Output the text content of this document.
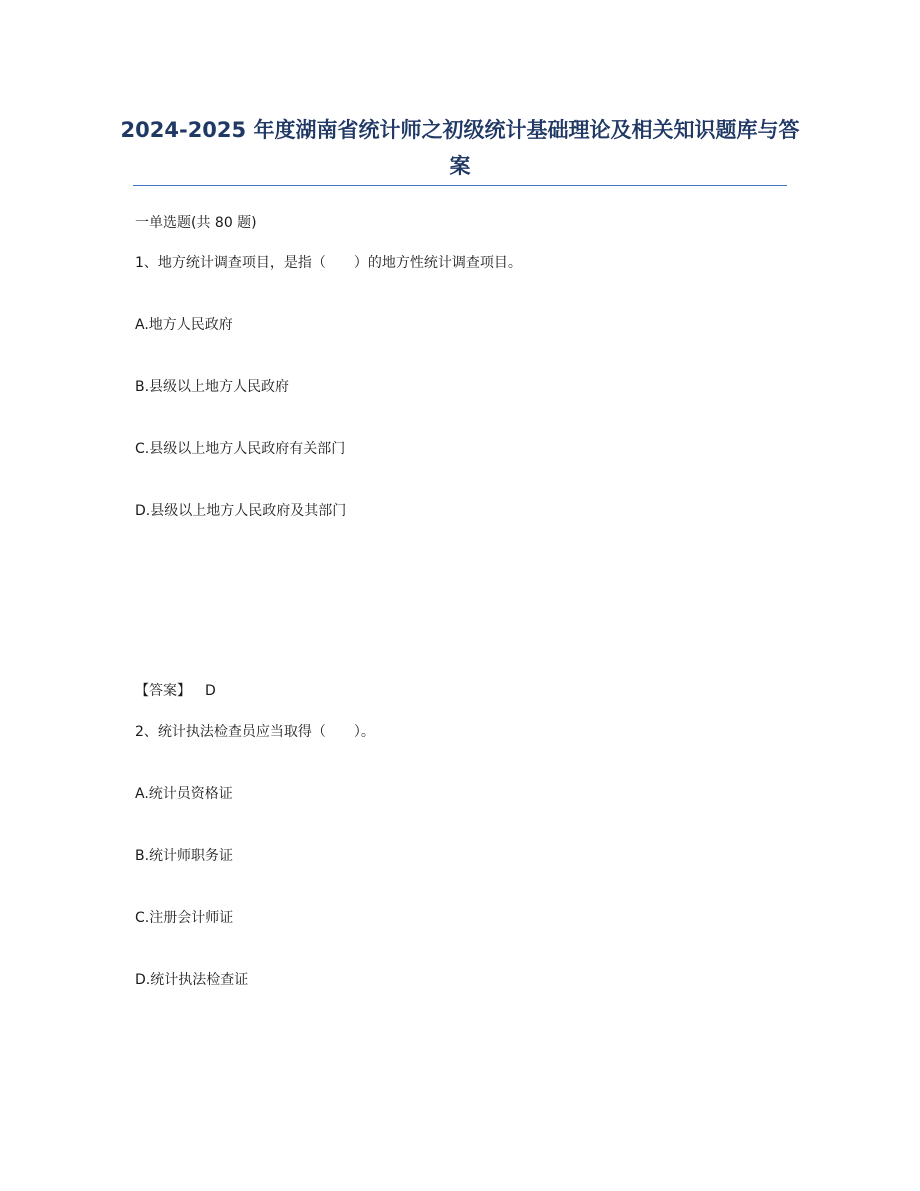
2024-2025 年度湖南省统计师之初级统计基础理论及相关知识题库与答案

一单选题(共 80 题)

1、地方统计调查项目，是指（　　）的地方性统计调查项目。

A.地方人民政府

B.县级以上地方人民政府

C.县级以上地方人民政府有关部门

D.县级以上地方人民政府及其部门

【答案】 D

2、统计执法检查员应当取得（　　）。

A.统计员资格证

B.统计师职务证

C.注册会计师证

D.统计执法检查证
